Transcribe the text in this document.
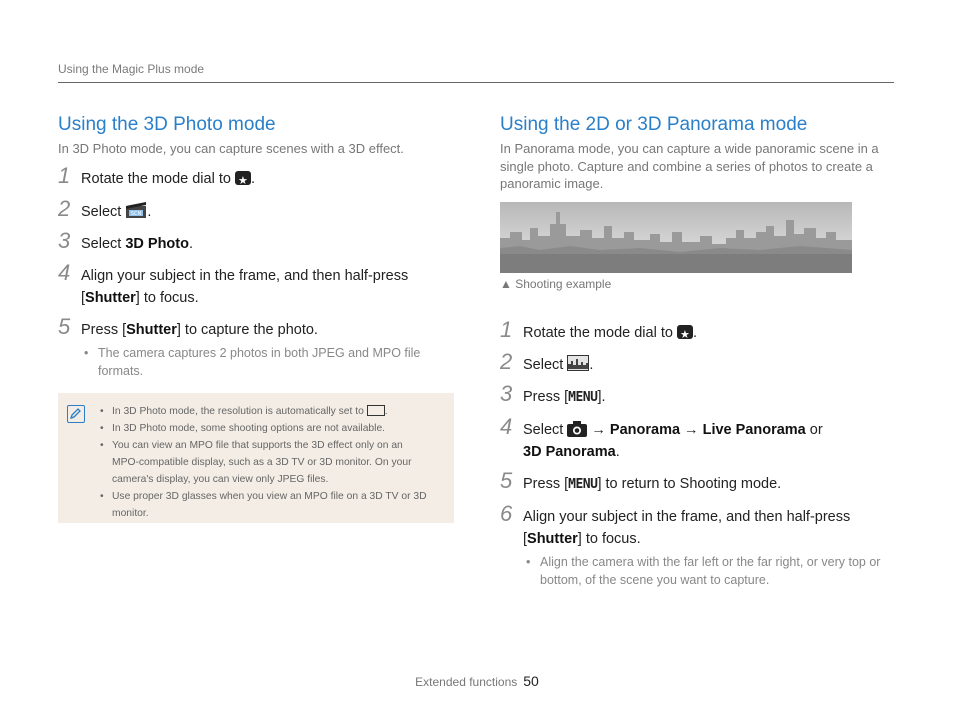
Using the Magic Plus mode
Using the 3D Photo mode

In 3D Photo mode, you can capture scenes with a 3D effect.

1 Rotate the mode dial to ★ .
2 Select SCN .
3 Select 3D Photo.
4 Align your subject in the frame, and then half-press [Shutter] to focus.
5 Press [Shutter] to capture the photo.
• The camera captures 2 photos in both JPEG and MPO file formats.
• In 3D Photo mode, the resolution is automatically set to .
• In 3D Photo mode, some shooting options are not available.
• You can view an MPO file that supports the 3D effect only on an MPO-compatible display, such as a 3D TV or 3D monitor. On your camera's display, you can view only JPEG files.
• Use proper 3D glasses when you view an MPO file on a 3D TV or 3D monitor.
Using the 2D or 3D Panorama mode

In Panorama mode, you can capture a wide panoramic scene in a single photo. Capture and combine a series of photos to create a panoramic image.

▲ Shooting example
1 Rotate the mode dial to ★ .
2 Select .
3 Press [MENU].
4 Select  → Panorama → Live Panorama or
3D Panorama.
5 Press [MENU] to return to Shooting mode.
6 Align your subject in the frame, and then half-press [Shutter] to focus.
• Align the camera with the far left or the far right, or very top or bottom, of the scene you want to capture.
Extended functions 50
